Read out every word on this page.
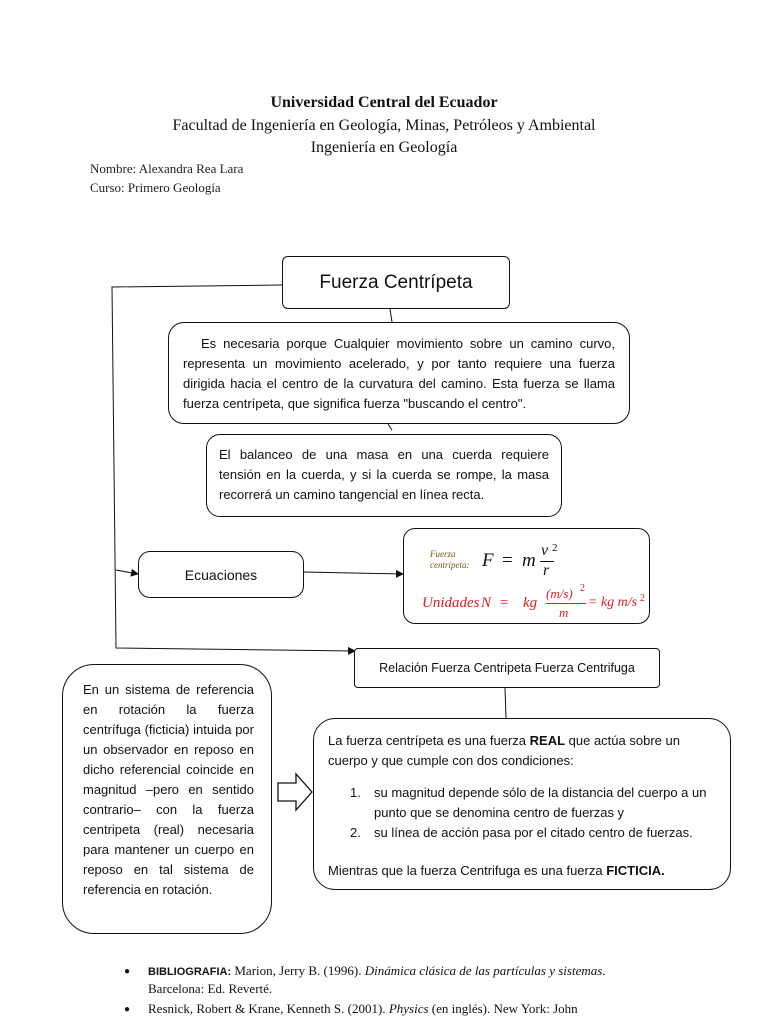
Universidad Central del Ecuador
Facultad de Ingeniería en Geología, Minas, Petróleos y Ambiental
Ingeniería en Geología
Nombre: Alexandra Rea Lara
Curso: Primero Geología
Fuerza Centrípeta

Es necesaria porque Cualquier movimiento sobre un camino curvo, representa un movimiento acelerado, y por tanto requiere una fuerza dirigida hacia el centro de la curvatura del camino. Esta fuerza se llama fuerza centrípeta, que significa fuerza "buscando el centro".

El balanceo de una masa en una cuerda requiere tensión en la cuerda, y si la cuerda se rompe, la masa recorrerá un camino tangencial en línea recta.

Ecuaciones
Fuerza
centrípeta: F = m v 2
r
Unidades N = kg
(m/s) 2
m
= kg m/s 2
Relación Fuerza Centripeta Fuerza Centrifuga

En un sistema de referencia en rotación la fuerza centrífuga (ficticia) intuida por un observador en reposo en dicho referencial coincide en magnitud –pero en sentido contrario– con la fuerza centripeta (real) necesaria para mantener un cuerpo en reposo en tal sistema de referencia en rotación.

La fuerza centrípeta es una fuerza REAL que actúa sobre un cuerpo y que cumple con dos condiciones:

1. su magnitud depende sólo de la distancia del cuerpo a un punto que se denomina centro de fuerzas y
2. su línea de acción pasa por el citado centro de fuerzas.

Mientras que la fuerza Centrifuga es una fuerza FICTICIA.

● BIBLIOGRAFIA: Marion, Jerry B. (1996). Dinámica clásica de las partículas y sistemas.
Barcelona: Ed. Reverté.
● Resnick, Robert & Krane, Kenneth S. (2001). Physics (en inglés). New York: John
